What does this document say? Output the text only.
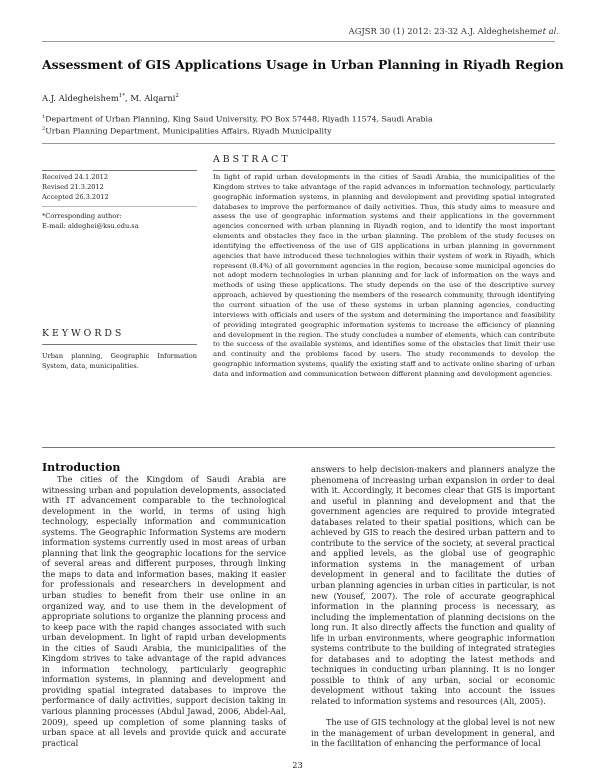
AGJSR 30 (1) 2012: 23-32 A.J. Aldegheishemet al.
Assessment of GIS Applications Usage in Urban Planning in Riyadh Region
A.J. Aldegheishem$^{1*}$, M. Alqarni$^2$
$^1$Department of Urban Planning, King Saud University, PO Box 57448, Riyadh 11574, Saudi Arabia
$^2$Urban Planning Department, Municipalities Affairs, Riyadh Municipality
Received 24.1.2012
Revised 21.3.2012
Accepted 26.3.2012
*Corresponding author:
E-mail: aldeghei@ksu.edu.sa
KEYWORDS
Urban planning, Geographic Information System, data, municipalities.
ABSTRACT
In light of rapid urban developments in the cities of Saudi Arabia, the municipalities of the Kingdom strives to take advantage of the rapid advances in information technology, particularly geographic information systems, in planning and development and providing spatial integrated databases to improve the performance of daily activities. Thus, this study aims to measure and assess the use of geographic information systems and their applications in the government agencies concerned with urban planning in Riyadh region, and to identify the most important elements and obstacles they face in the urban planning. The problem of the study focuses on identifying the effectiveness of the use of GIS applications in urban planning in government agencies that have introduced these technologies within their system of work in Riyadh, which represent (8.4%) of all government agencies in the region, because some municipal agencies do not adopt modern technologies in urban planning and for lack of information on the ways and methods of using these applications. The study depends on the use of the descriptive survey approach, achieved by questioning the members of the research community, through identifying the current situation of the use of these systems in urban planning agencies, conducting interviews with officials and users of the system and determining the importance and feasibility of providing integrated geographic information systems to increase the efficiency of planning and development in the region. The study concludes a number of elements, which can contribute to the success of the available systems, and identifies some of the obstacles that limit their use and continuity and the problems faced by users. The study recommends to develop the geographic information systems, qualify the existing staff and to activate online sharing of urban data and information and communication between different planning and development agencies.
Introduction

The cities of the Kingdom of Saudi Arabia are witnessing urban and population developments, associated with IT advancement comparable to the technological development in the world, in terms of using high technology, especially information and communication systems. The Geographic Information Systems are modern information systems currently used in most areas of urban planning that link the geographic locations for the service of several areas and different purposes, through linking the maps to data and information bases, making it easier for professionals and researchers in development and urban studies to benefit from their use online in an organized way, and to use them in the development of appropriate solutions to organize the planning process and to keep pace with the rapid changes associated with such urban development. In light of rapid urban developments in the cities of Saudi Arabia, the municipalities of the Kingdom strives to take advantage of the rapid advances in information technology, particularly geographic information systems, in planning and development and providing spatial integrated databases to improve the performance of daily activities, support decision taking in various planning processes (Abdul Jawad, 2006, Abdel-Aal, 2009), speed up completion of some planning tasks of urban space at all levels and provide quick and accurate practical

answers to help decision-makers and planners analyze the phenomena of increasing urban expansion in order to deal with it. Accordingly, it becomes clear that GIS is important and useful in planning and development and that the government agencies are required to provide integrated databases related to their spatial positions, which can be achieved by GIS to reach the desired urban pattern and to contribute to the service of the society, at several practical and applied levels, as the global use of geographic information systems in the management of urban development in general and to facilitate the duties of urban planning agencies in urban cities in particular, is not new (Yousef, 2007). The role of accurate geographical information in the planning process is necessary, as including the implementation of planning decisions on the long run. It also directly affects the function and quality of life in urban environments, where geographic information systems contribute to the building of integrated strategies for databases and to adopting the latest methods and techniques in conducting urban planning. It is no longer possible to think of any urban, social or economic development without taking into account the issues related to information systems and resources (Ali, 2005).

The use of GIS technology at the global level is not new in the management of urban development in general, and in the facilitation of enhancing the performance of local

23
